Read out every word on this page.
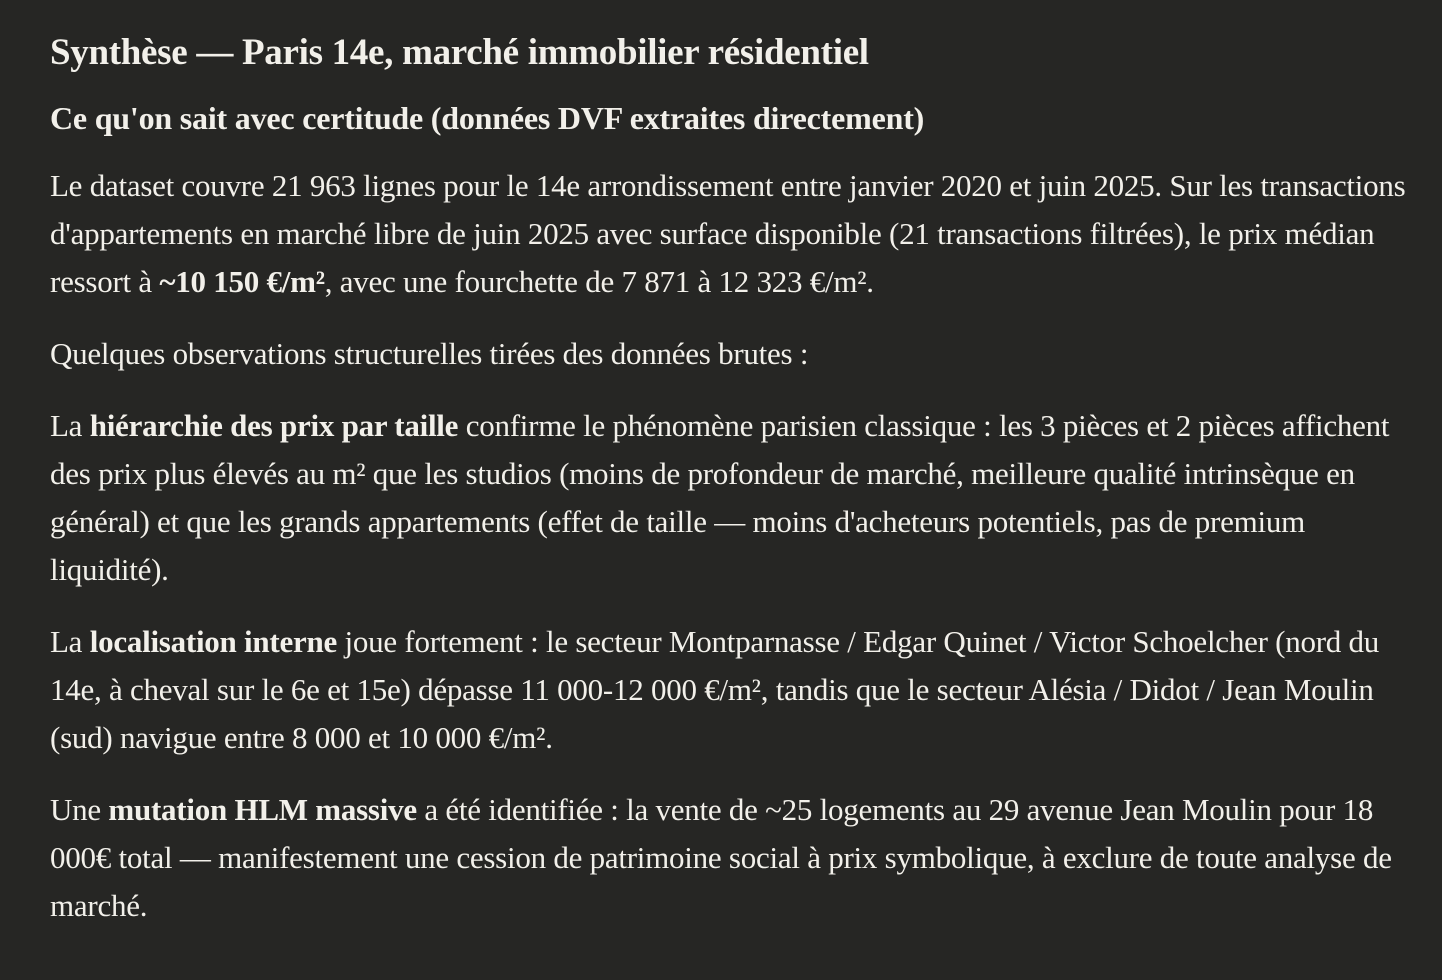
Synthèse — Paris 14e, marché immobilier résidentiel
Ce qu'on sait avec certitude (données DVF extraites directement)

Le dataset couvre 21 963 lignes pour le 14e arrondissement entre janvier 2020 et juin 2025. Sur les transactions d'appartements en marché libre de juin 2025 avec surface disponible (21 transactions filtrées), le prix médian ressort à ~10 150 €/m², avec une fourchette de 7 871 à 12 323 €/m².

Quelques observations structurelles tirées des données brutes :

La hiérarchie des prix par taille confirme le phénomène parisien classique : les 3 pièces et 2 pièces affichent des prix plus élevés au m² que les studios (moins de profondeur de marché, meilleure qualité intrinsèque en général) et que les grands appartements (effet de taille — moins d'acheteurs potentiels, pas de premium liquidité).

La localisation interne joue fortement : le secteur Montparnasse / Edgar Quinet / Victor Schoelcher (nord du 14e, à cheval sur le 6e et 15e) dépasse 11 000-12 000 €/m², tandis que le secteur Alésia / Didot / Jean Moulin (sud) navigue entre 8 000 et 10 000 €/m².

Une mutation HLM massive a été identifiée : la vente de ~25 logements au 29 avenue Jean Moulin pour 18 000€ total — manifestement une cession de patrimoine social à prix symbolique, à exclure de toute analyse de marché.
